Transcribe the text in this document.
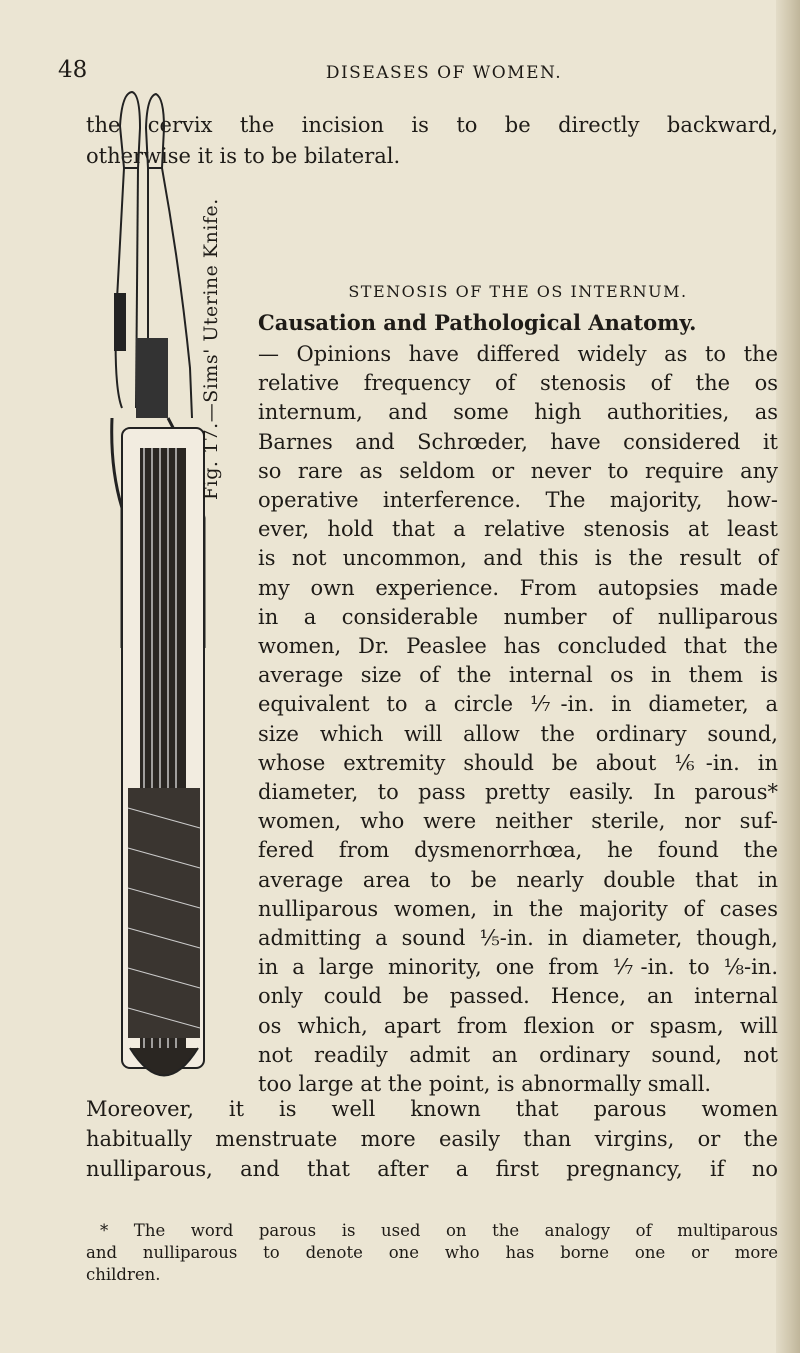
48	DISEASES OF WOMEN.
the cervix the incision is to be directly backward,
otherwise it is to be bilateral.
Fig. 17.—Sims' Uterine Knife.	STENOSIS OF THE OS INTERNUM.
Causation and Pathological Anatomy.
— Opinions have differed widely as to the
relative frequency of stenosis of the os
internum, and some high authorities, as
Barnes and Schrœder, have considered it
so rare as seldom or never to require any
operative interference. The majority, how-
ever, hold that a relative stenosis at least
is not uncommon, and this is the result of
my own experience. From autopsies made
in a considerable number of nulliparous
women, Dr. Peaslee has concluded that the
average size of the internal os in them is
equivalent to a circle ⅐-in. in diameter, a
size which will allow the ordinary sound,
whose extremity should be about ⅙-in. in
diameter, to pass pretty easily. In parous*
women, who were neither sterile, nor suf-
fered from dysmenorrhœa, he found the
average area to be nearly double that in
nulliparous women, in the majority of cases
admitting a sound ⅕-in. in diameter, though,
in a large minority, one from ⅐-in. to ⅛-in.
only could be passed. Hence, an internal
os which, apart from flexion or spasm, will
not readily admit an ordinary sound, not
too large at the point, is abnormally small.
Moreover, it is well known that parous women
habitually menstruate more easily than virgins, or the
nulliparous, and that after a first pregnancy, if no
* The word parous is used on the analogy of multiparous
and nulliparous to denote one who has borne one or more
children.
